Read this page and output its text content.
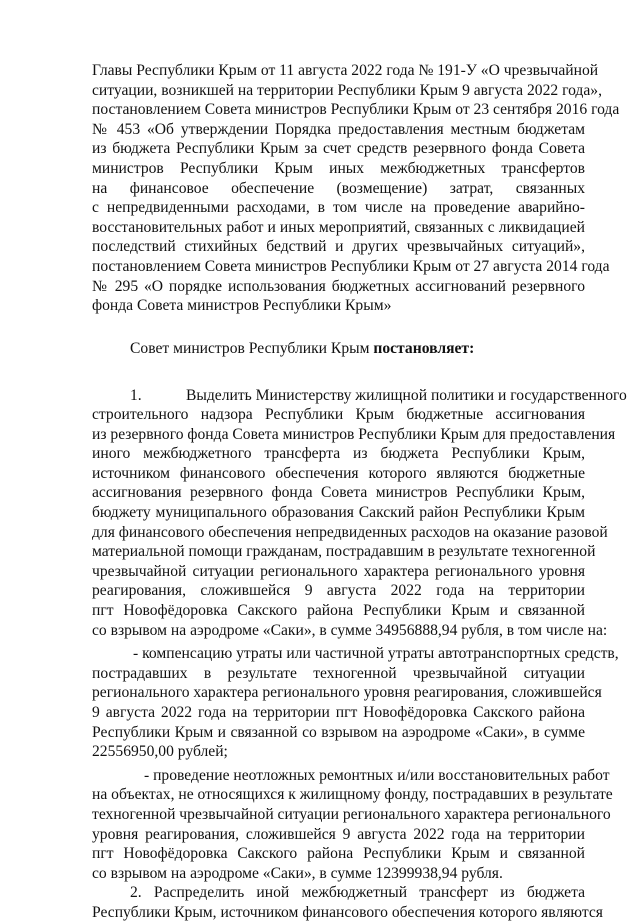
Главы Республики Крым от 11 августа 2022 года № 191-У «О чрезвычайной
ситуации, возникшей на территории Республики Крым 9 августа 2022 года»,
постановлением Совета министров Республики Крым от 23 сентября 2016 года
№ 453 «Об утверждении Порядка предоставления местным бюджетам
из бюджета Республики Крым за счет средств резервного фонда Совета
министров Республики Крым иных межбюджетных трансфертов
на финансовое обеспечение (возмещение) затрат, связанных
с непредвиденными расходами, в том числе на проведение аварийно-
восстановительных работ и иных мероприятий, связанных с ликвидацией
последствий стихийных бедствий и других чрезвычайных ситуаций»,
постановлением Совета министров Республики Крым от 27 августа 2014 года
№ 295 «О порядке использования бюджетных ассигнований резервного
фонда Совета министров Республики Крым»
Совет министров Республики Крым постановляет:
1.	Выделить Министерству жилищной политики и государственного
строительного надзора Республики Крым бюджетные ассигнования
из резервного фонда Совета министров Республики Крым для предоставления
иного межбюджетного трансферта из бюджета Республики Крым,
источником финансового обеспечения которого являются бюджетные
ассигнования резервного фонда Совета министров Республики Крым,
бюджету муниципального образования Сакский район Республики Крым
для финансового обеспечения непредвиденных расходов на оказание разовой
материальной помощи гражданам, пострадавшим в результате техногенной
чрезвычайной ситуации регионального характера регионального уровня
реагирования, сложившейся 9 августа 2022 года на территории
пгт Новофёдоровка Сакского района Республики Крым и связанной
со взрывом на аэродроме «Саки», в сумме 34956888,94 рубля, в том числе на:
- компенсацию утраты или частичной утраты автотранспортных средств,
пострадавших в результате техногенной чрезвычайной ситуации
регионального характера регионального уровня реагирования, сложившейся
9 августа 2022 года на территории пгт Новофёдоровка Сакского района
Республики Крым и связанной со взрывом на аэродроме «Саки», в сумме
22556950,00 рублей;
- проведение неотложных ремонтных и/или восстановительных работ
на объектах, не относящихся к жилищному фонду, пострадавших в результате
техногенной чрезвычайной ситуации регионального характера регионального
уровня реагирования, сложившейся 9 августа 2022 года на территории
пгт Новофёдоровка Сакского района Республики Крым и связанной
со взрывом на аэродроме «Саки», в сумме 12399938,94 рубля.
2. Распределить иной межбюджетный трансферт из бюджета
Республики Крым, источником финансового обеспечения которого являются
